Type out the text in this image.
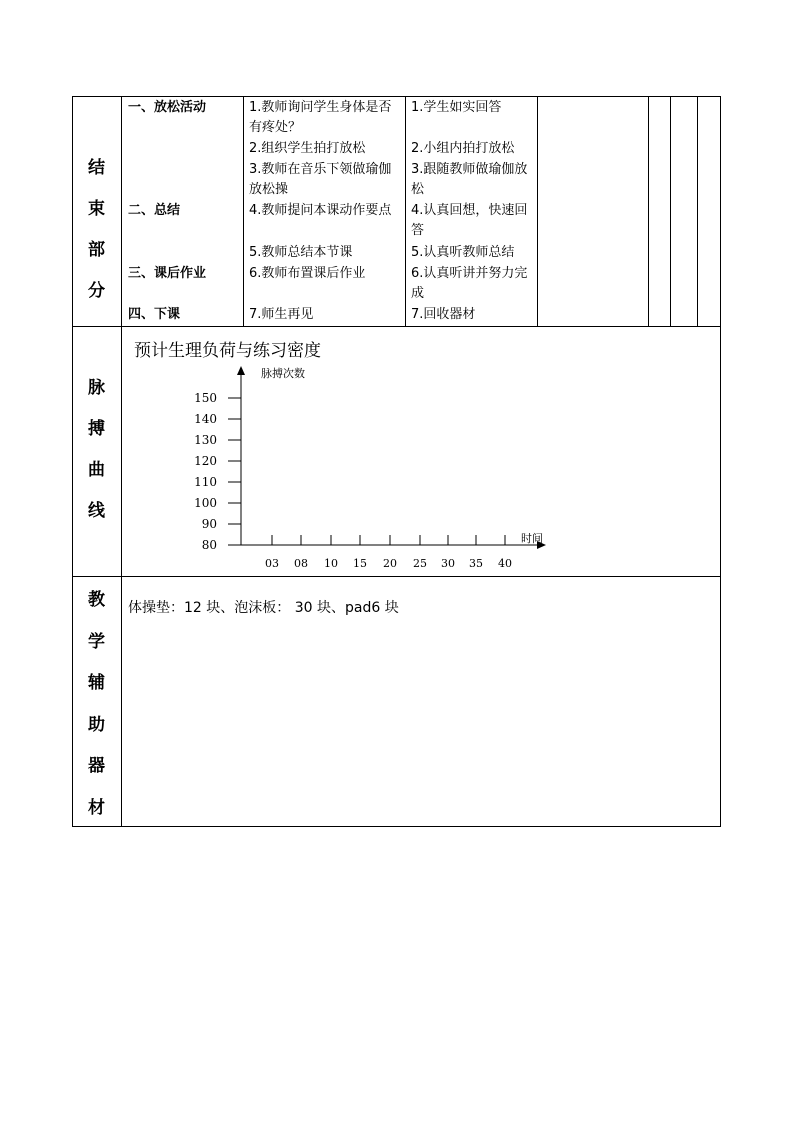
结
束
部
分
一、放松活动
二、总结
三、课后作业
四、下课
1.教师询问学生身体是否有疼处？
2.组织学生拍打放松
3.教师在音乐下领做瑜伽放松操
4.教师提问本课动作要点
5.教师总结本节课
6.教师布置课后作业
7.师生再见
1.学生如实回答
2.小组内拍打放松
3.跟随教师做瑜伽放松
4.认真回想，快速回答
5.认真听教师总结
6.认真听讲并努力完成
7.回收器材
脉
搏
曲
线
预计生理负荷与练习密度
脉搏次数
时间
80
90
100
110
120
130
140
150
03 08 10 15 20 25 30 35 40
教
学
辅
助
器
材
体操垫：12 块、泡沫板： 30 块、pad6 块
